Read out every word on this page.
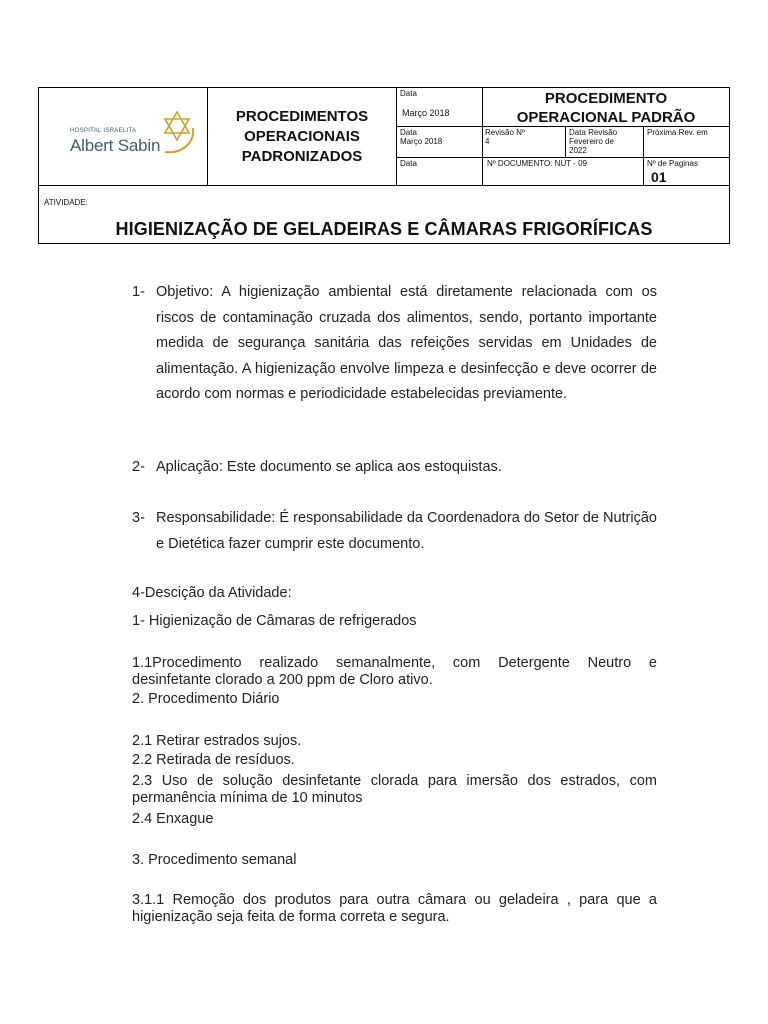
HOSPITAL ISRAELITA
Albert Sabin
PROCEDIMENTOS
OPERACIONAIS
PADRONIZADOS
Data
Março 2018
PROCEDIMENTO
OPERACIONAL PADRÃO
Data
Março 2018
Revisão Nº
4
Data Revisão
Fevereiro de
2022
Próxima Rev. em
Data	Nº DOCUMENTO: NUT - 09	Nº de Paginas
01
ATIVIDADE:
HIGIENIZAÇÃO DE GELADEIRAS E CÂMARAS FRIGORÍFICAS
1- Objetivo: A higienização ambiental está diretamente relacionada com os riscos de contaminação cruzada dos alimentos, sendo, portanto importante medida de segurança sanitária das refeições servidas em Unidades de alimentação. A higienização envolve limpeza e desinfecção e deve ocorrer de acordo com normas e periodicidade estabelecidas previamente.
2- Aplicação: Este documento se aplica aos estoquistas.
3- Responsabilidade: É responsabilidade da Coordenadora do Setor de Nutrição e Dietética fazer cumprir este documento.
4-Descição da Atividade:
1- Higienização de Câmaras de refrigerados
1.1Procedimento realizado semanalmente, com Detergente Neutro e desinfetante clorado a 200 ppm de Cloro ativo.
2. Procedimento Diário
2.1 Retirar estrados sujos.
2.2 Retirada de resíduos.
2.3 Uso de solução desinfetante clorada para imersão dos estrados, com permanência mínima de 10 minutos
2.4 Enxague
3. Procedimento semanal
3.1.1 Remoção dos produtos para outra câmara ou geladeira , para que a higienização seja feita de forma correta e segura.
